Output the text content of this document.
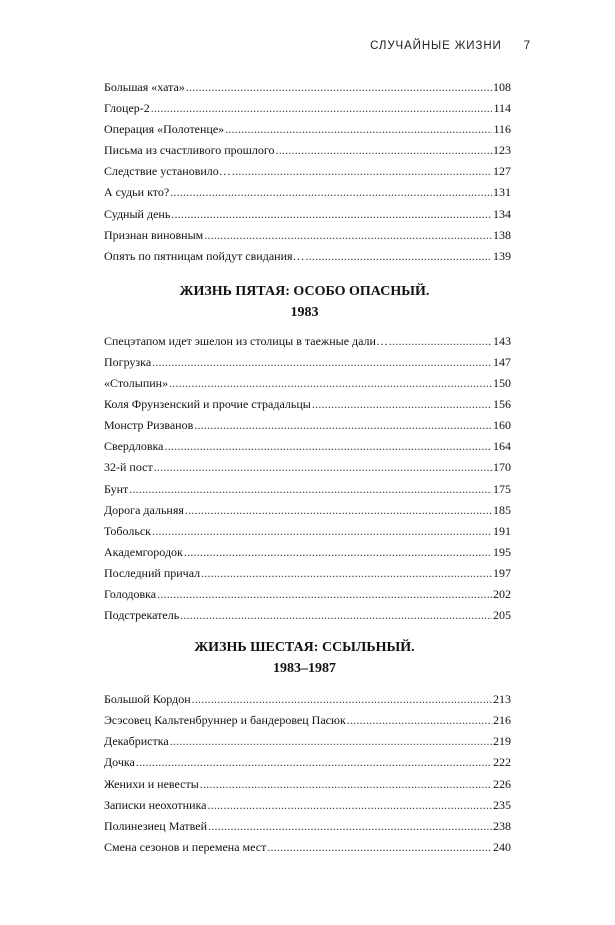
СЛУЧАЙНЫЕ ЖИЗНИ 7
Большая «хата» .....	108
Глоцер-2 .....	114
Операция «Полотенце» .....	116
Письма из счастливого прошлого .....	123
Следствие установило… .....	127
А судьи кто? .....	131
Судный день .....	134
Признан виновным .....	138
Опять по пятницам пойдут свидания… .....	139
ЖИЗНЬ ПЯТАЯ: ОСОБО ОПАСНЫЙ.
1983
Спецэтапом идет эшелон из столицы в таежные дали… .....	143
Погрузка .....	147
«Столыпин» .....	150
Коля Фрунзенский и прочие страдальцы .....	156
Монстр Ризванов .....	160
Свердловка .....	164
32-й пост .....	170
Бунт .....	175
Дорога дальняя .....	185
Тобольск .....	191
Академгородок .....	195
Последний причал .....	197
Голодовка .....	202
Подстрекатель .....	205
ЖИЗНЬ ШЕСТАЯ: ССЫЛЬНЫЙ.
1983–1987
Большой Кордон .....	213
Эсэсовец Кальтенбруннер и бандеровец Пасюк .....	216
Декабристка .....	219
Дочка .....	222
Женихи и невесты .....	226
Записки неохотника .....	235
Полинезиец Матвей .....	238
Смена сезонов и перемена мест .....	240
